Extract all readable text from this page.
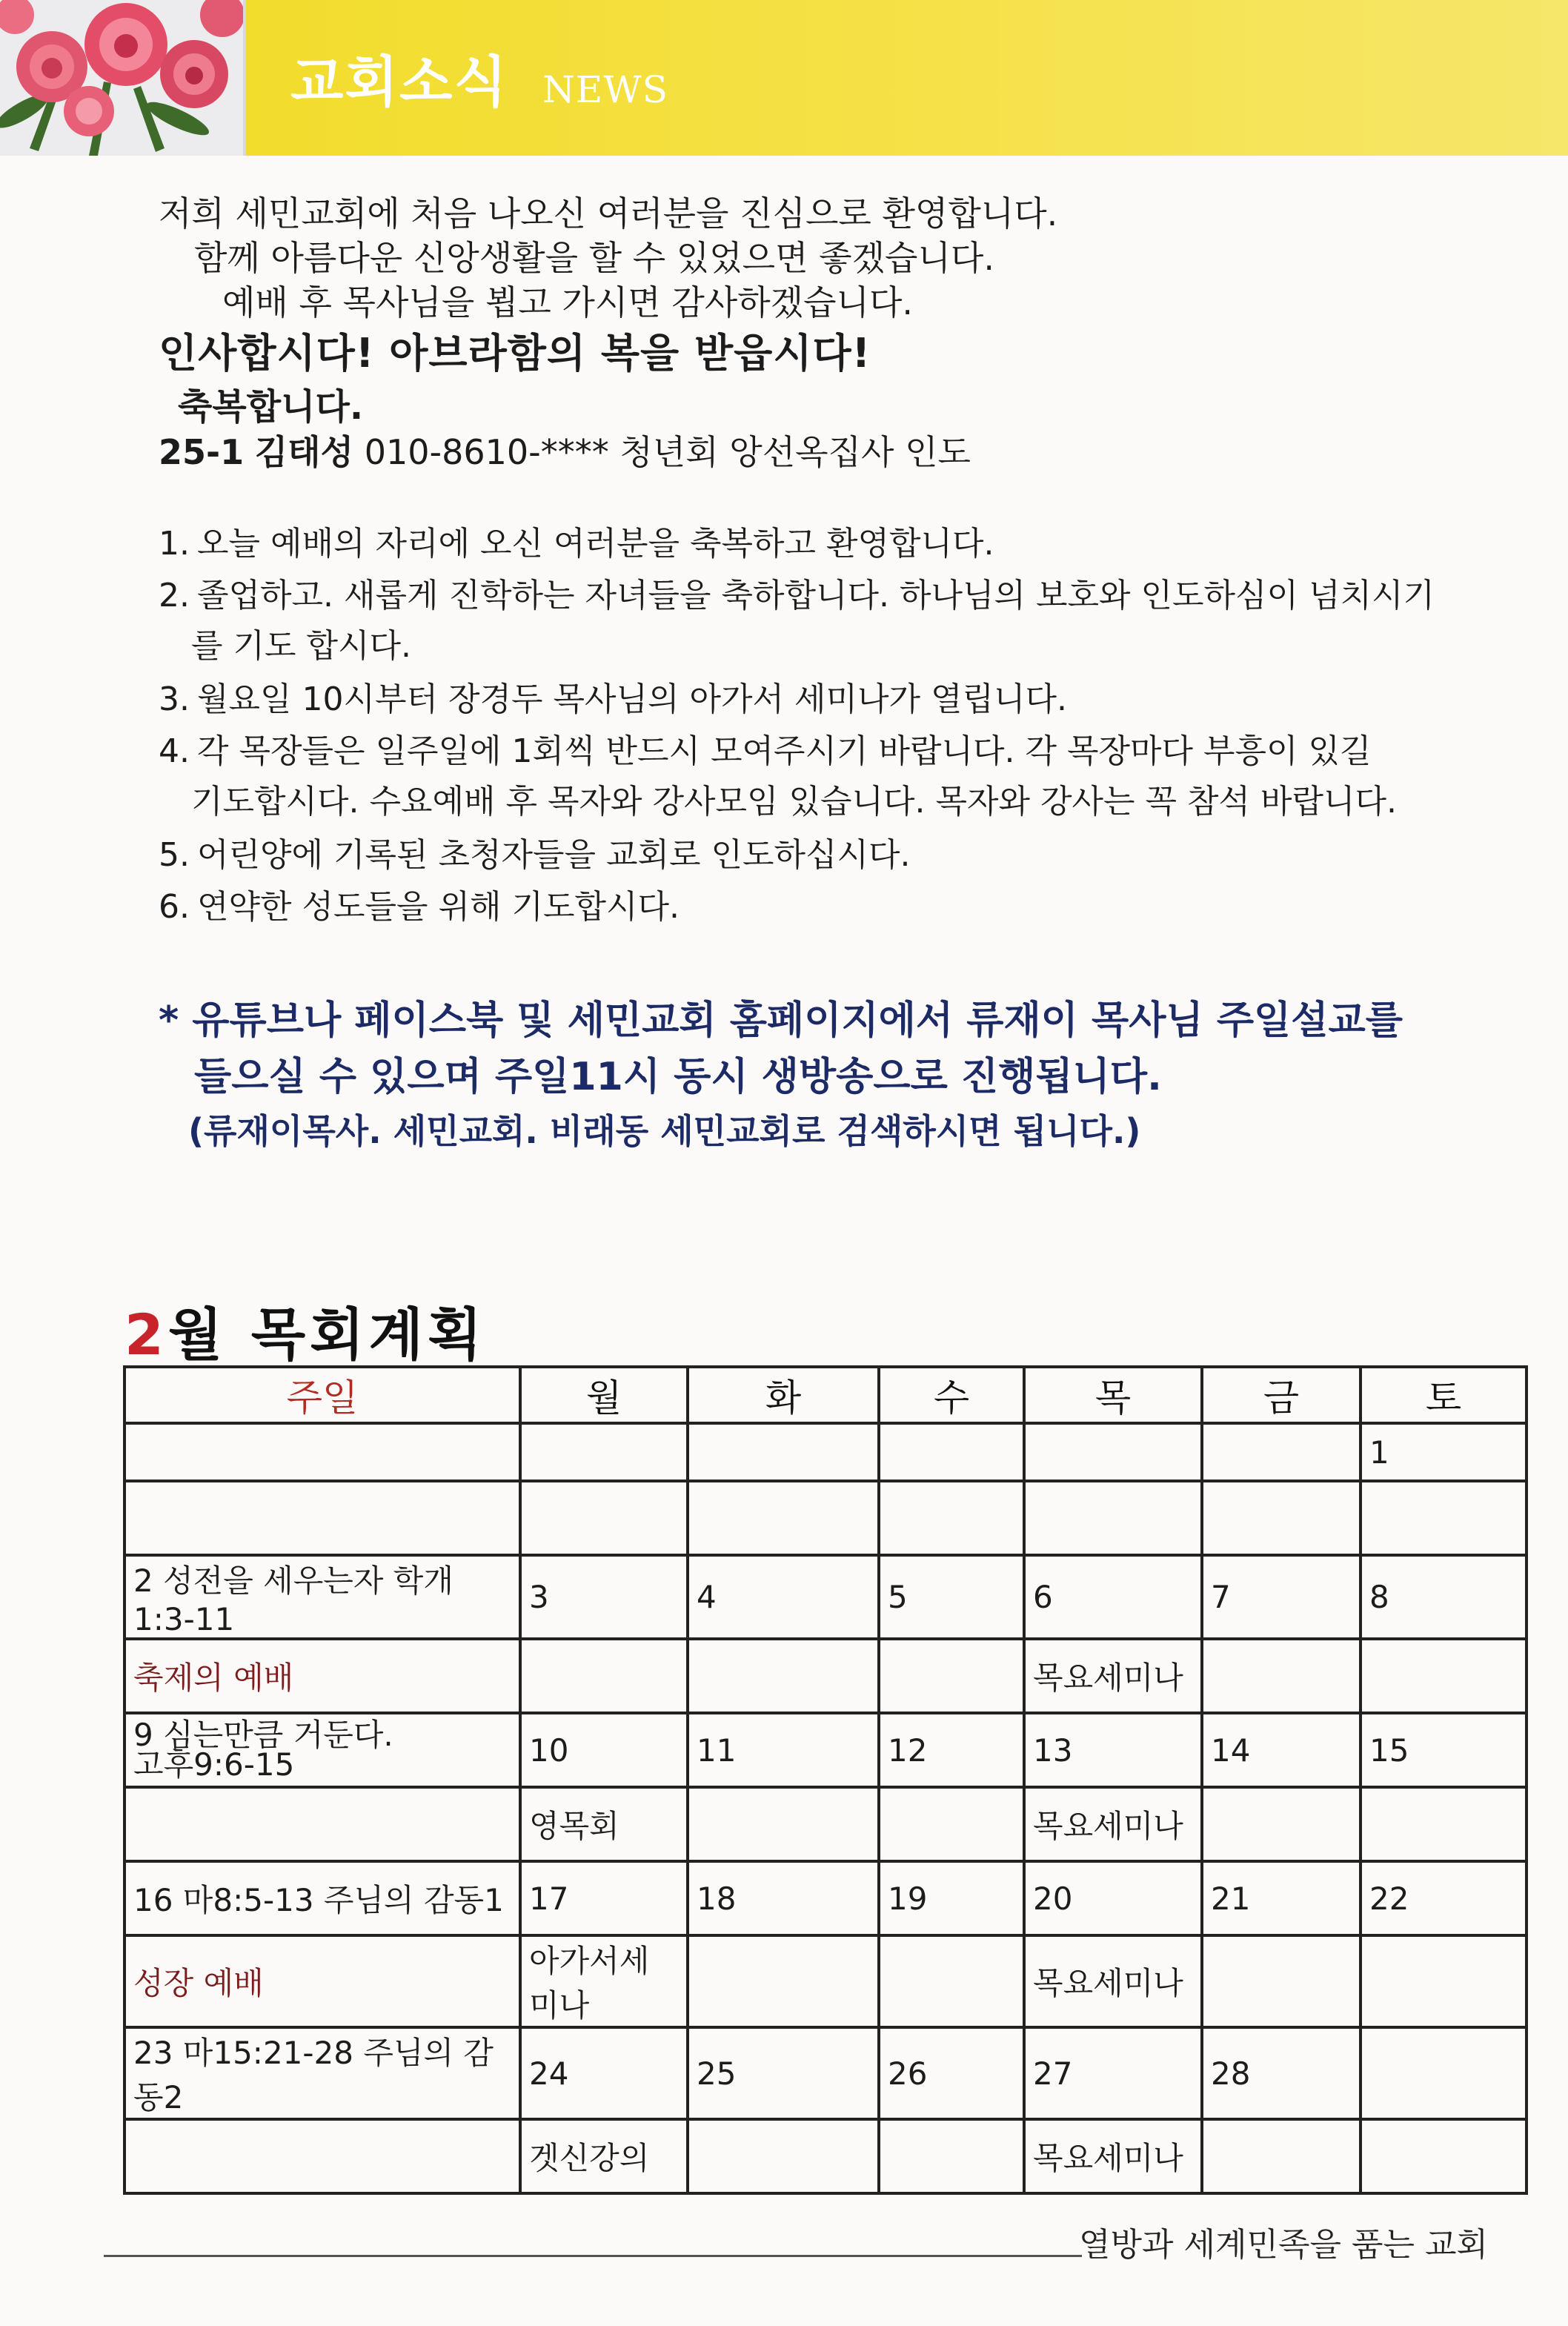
교회소식 NEWS
저희 세민교회에 처음 나오신 여러분을 진심으로 환영합니다.
함께 아름다운 신앙생활을 할 수 있었으면 좋겠습니다.
예배 후 목사님을 뵙고 가시면 감사하겠습니다.
인사합시다! 아브라함의 복을 받읍시다!
축복합니다.
25-1 김태성 010-8610-**** 청년회 앙선옥집사 인도
1. 오늘 예배의 자리에 오신 여러분을 축복하고 환영합니다.
2. 졸업하고. 새롭게 진학하는 자녀들을 축하합니다. 하나님의 보호와 인도하심이 넘치시기
를 기도 합시다.
3. 월요일 10시부터 장경두 목사님의 아가서 세미나가 열립니다.
4. 각 목장들은 일주일에 1회씩 반드시 모여주시기 바랍니다. 각 목장마다 부흥이 있길
기도합시다. 수요예배 후 목자와 강사모임 있습니다. 목자와 강사는 꼭 참석 바랍니다.
5. 어린양에 기록된 초청자들을 교회로 인도하십시다.
6. 연약한 성도들을 위해 기도합시다.
* 유튜브나 페이스북 및 세민교회 홈페이지에서 류재이 목사님 주일설교를
들으실 수 있으며 주일11시 동시 생방송으로 진행됩니다.
(류재이목사. 세민교회. 비래동 세민교회로 검색하시면 됩니다.)
2월 목회계획
주일	월	화	수	목	금	토
						1

2 성전을 세우는자 학개1:3-11	3	4	5	6	7	8
축제의 예배				목요세미나		
9 심는만큼 거둔다.
고후9:6-15	10	11	12	13	14	15
	영목회			목요세미나		
16 마8:5-13 주님의 감동1	17	18	19	20	21	22
성장 예배	아가서세미나			목요세미나		
23 마15:21-28 주님의 감동2	24	25	26	27	28	
	겟신강의			목요세미나		
열방과 세계민족을 품는 교회
